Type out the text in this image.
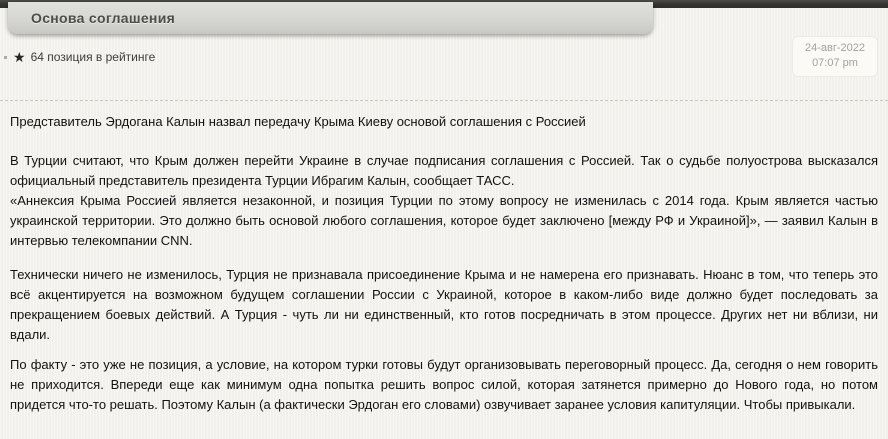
Основа соглашения
★ 64 позиция в рейтинге
24-авг-2022
07:07 pm

Представитель Эрдогана Калын назвал передачу Крыма Киеву основой соглашения с Россией

В Турции считают, что Крым должен перейти Украине в случае подписания соглашения с Россией. Так о судьбе полуострова высказался официальный представитель президента Турции Ибрагим Калын, сообщает ТАСС.

«Аннексия Крыма Россией является незаконной, и позиция Турции по этому вопросу не изменилась с 2014 года. Крым является частью украинской территории. Это должно быть основой любого соглашения, которое будет заключено [между РФ и Украиной]», — заявил Калын в интервью телекомпании CNN.

Технически ничего не изменилось, Турция не признавала присоединение Крыма и не намерена его признавать. Нюанс в том, что теперь это всё акцентируется на возможном будущем соглашении России с Украиной, которое в каком-либо виде должно будет последовать за прекращением боевых действий. А Турция - чуть ли ни единственный, кто готов посредничать в этом процессе. Других нет ни вблизи, ни вдали.

По факту - это уже не позиция, а условие, на котором турки готовы будут организовывать переговорный процесс. Да, сегодня о нем говорить не приходится. Впереди еще как минимум одна попытка решить вопрос силой, которая затянется примерно до Нового года, но потом придется что-то решать. Поэтому Калын (а фактически Эрдоган его словами) озвучивает заранее условия капитуляции. Чтобы привыкали.
